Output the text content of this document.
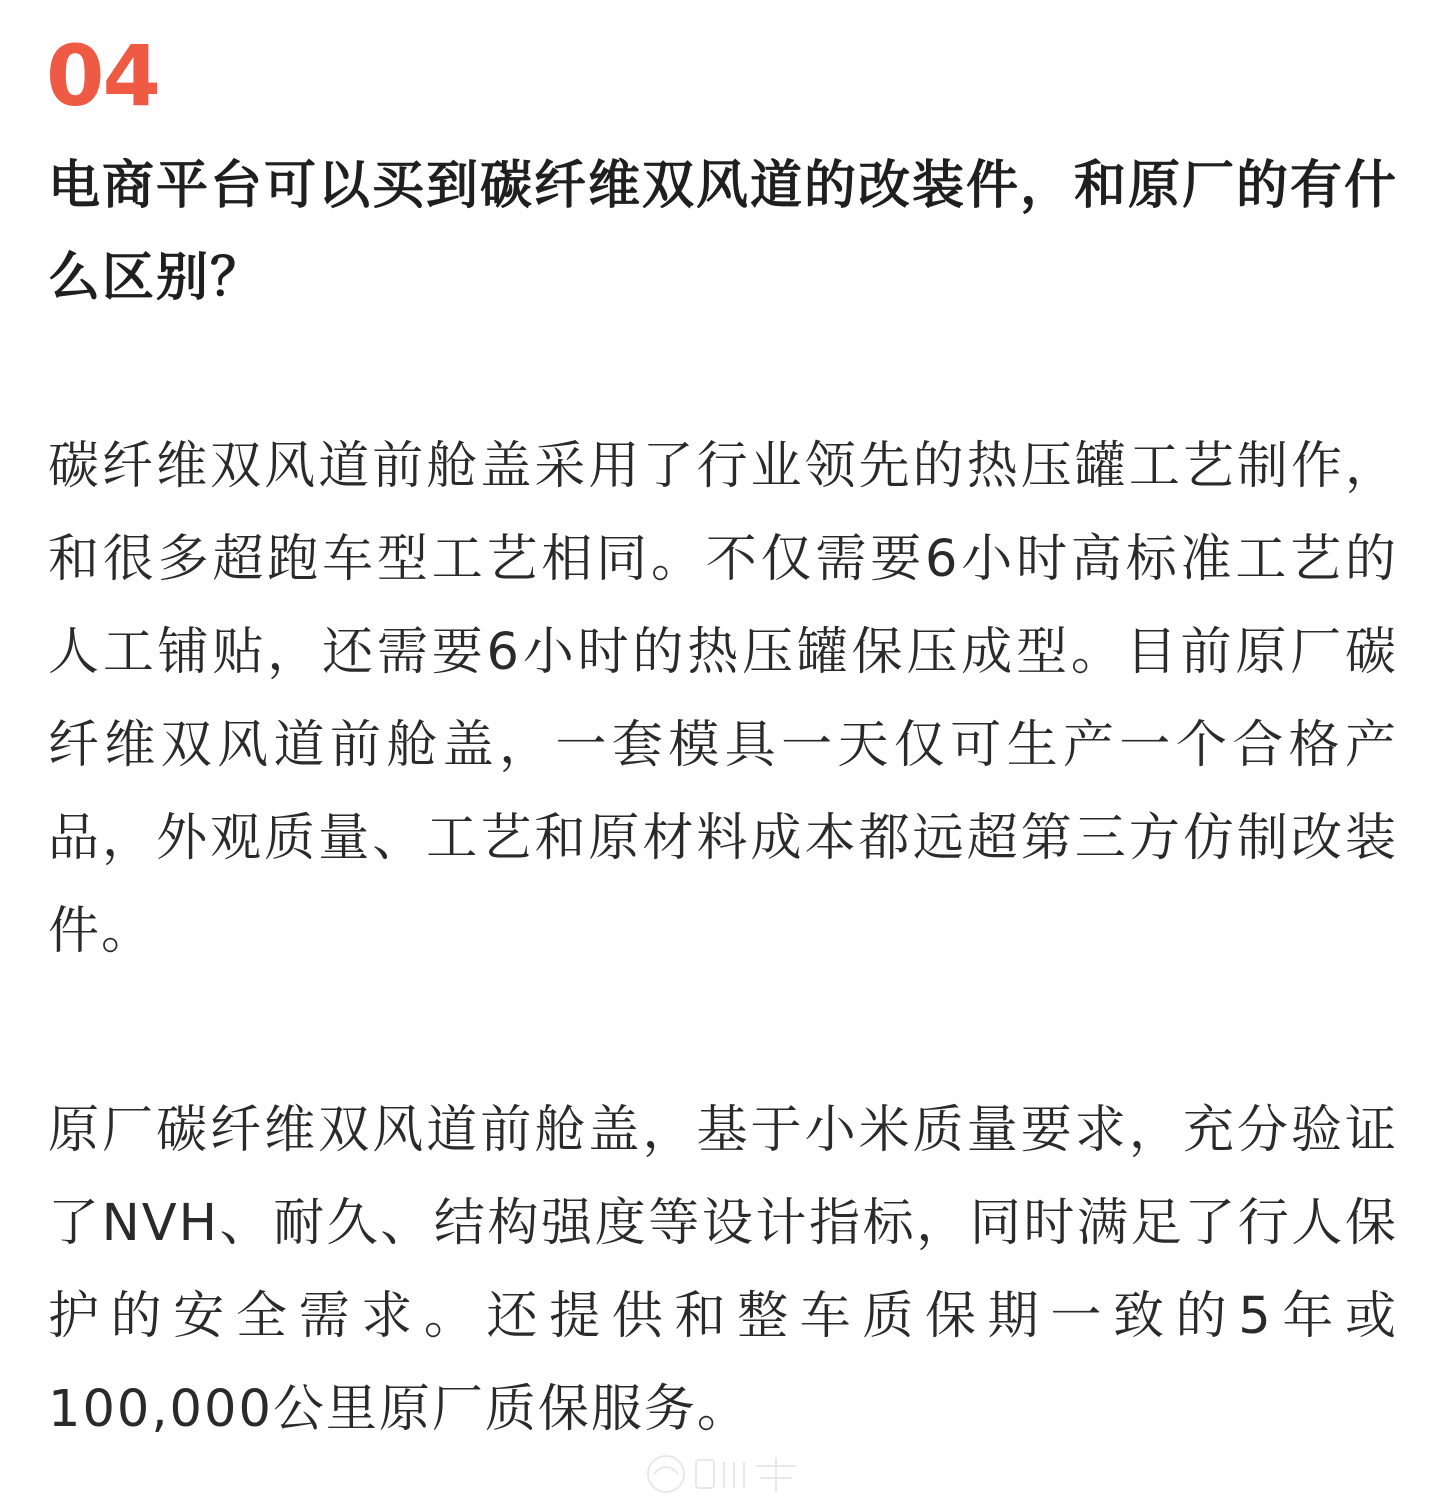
04
电商平台可以买到碳纤维双风道的改装件，和原厂的有什么区别？

碳纤维双风道前舱盖采用了行业领先的热压罐工艺制作，和很多超跑车型工艺相同。不仅需要6小时高标准工艺的人工铺贴，还需要6小时的热压罐保压成型。目前原厂碳纤维双风道前舱盖，一套模具一天仅可生产一个合格产品，外观质量、工艺和原材料成本都远超第三方仿制改装件。

原厂碳纤维双风道前舱盖，基于小米质量要求，充分验证了NVH、耐久、结构强度等设计指标，同时满足了行人保护的安全需求。还提供和整车质保期一致的5年或100,000公里原厂质保服务。
